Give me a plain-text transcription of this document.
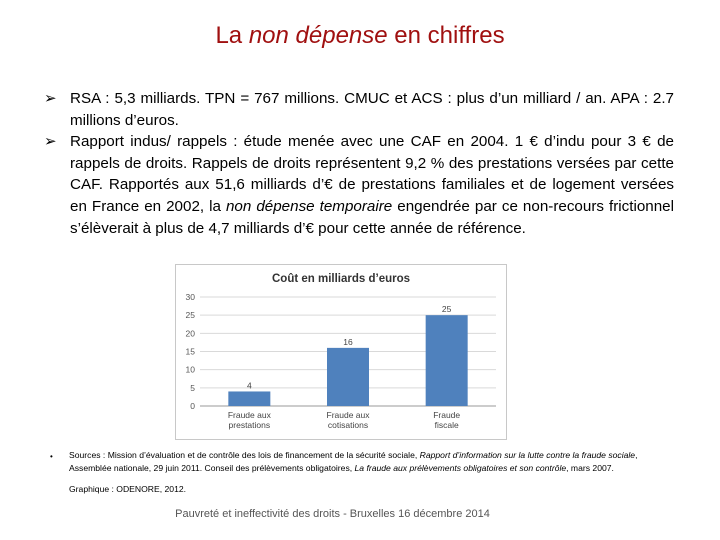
La non dépense en chiffres
➢ RSA : 5,3 milliards. TPN = 767 millions. CMUC et ACS : plus d’un milliard / an. APA : 2.7 millions d’euros.
➢ Rapport indus/ rappels : étude menée avec une CAF en 2004. 1 € d’indu pour 3 € de rappels de droits. Rappels de droits représentent 9,2 % des prestations versées par cette CAF. Rapportés aux 51,6 milliards d’€ de prestations familiales et de logement versées en France en 2002, la non dépense temporaire engendrée par ce non-recours frictionnel s’élèverait à plus de 4,7 milliards d’€ pour cette année de référence.
Coût en milliards d’euros
0
5
10
15
20
25
30
4
Fraude aux
prestations
16
Fraude aux
cotisations
25
Fraude
fiscale
• Sources : Mission d’évaluation et de contrôle des lois de financement de la sécurité sociale, Rapport d’information sur la lutte contre la fraude sociale,
Assemblée nationale, 29 juin 2011. Conseil des prélèvements obligatoires, La fraude aux prélèvements obligatoires et son contrôle, mars 2007.
Graphique : ODENORE, 2012.
Pauvreté et ineffectivité des droits - Bruxelles 16 décembre 2014
